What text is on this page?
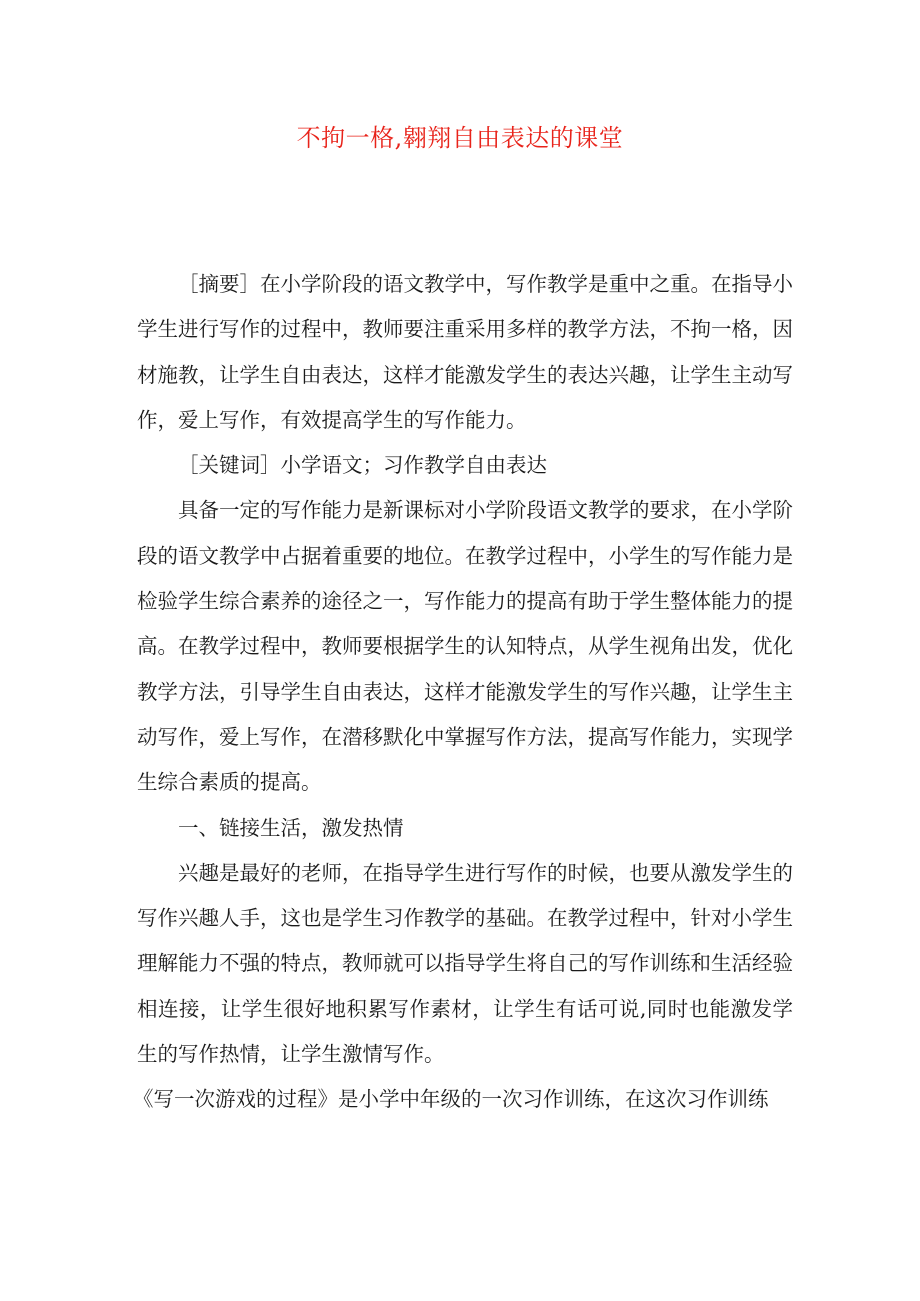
不拘一格,翱翔自由表达的课堂

［摘要］在小学阶段的语文教学中，写作教学是重中之重。在指导小学生进行写作的过程中，教师要注重采用多样的教学方法，不拘一格，因材施教，让学生自由表达，这样才能激发学生的表达兴趣，让学生主动写作，爱上写作，有效提高学生的写作能力。

［关键词］小学语文；习作教学自由表达

具备一定的写作能力是新课标对小学阶段语文教学的要求，在小学阶段的语文教学中占据着重要的地位。在教学过程中，小学生的写作能力是检验学生综合素养的途径之一，写作能力的提高有助于学生整体能力的提高。在教学过程中，教师要根据学生的认知特点，从学生视角出发，优化教学方法，引导学生自由表达，这样才能激发学生的写作兴趣，让学生主动写作，爱上写作，在潜移默化中掌握写作方法，提高写作能力，实现学生综合素质的提高。

一、链接生活，激发热情

兴趣是最好的老师，在指导学生进行写作的时候，也要从激发学生的写作兴趣人手，这也是学生习作教学的基础。在教学过程中，针对小学生理解能力不强的特点，教师就可以指导学生将自己的写作训练和生活经验相连接，让学生很好地积累写作素材，让学生有话可说,同时也能激发学生的写作热情，让学生激情写作。

《写一次游戏的过程》是小学中年级的一次习作训练，在这次习作训练
